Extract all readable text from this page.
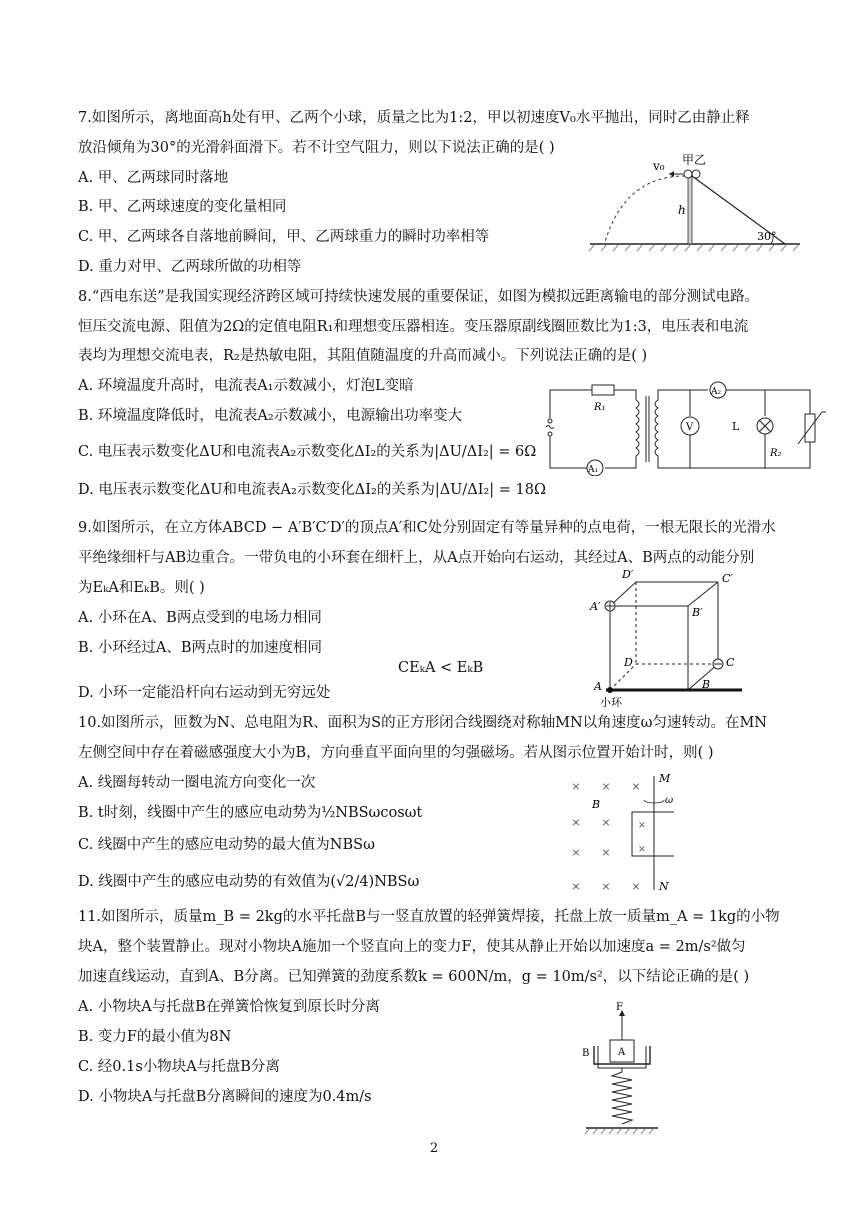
7.如图所示，离地面高h处有甲、乙两个小球，质量之比为1:2，甲以初速度V₀水平抛出，同时乙由静止释
放沿倾角为30°的光滑斜面滑下。若不计空气阻力，则以下说法正确的是( )
A. 甲、乙两球同时落地
B. 甲、乙两球速度的变化量相同
C. 甲、乙两球各自落地前瞬间，甲、乙两球重力的瞬时功率相等
D. 重力对甲、乙两球所做的功相等
v₀ 甲乙
h
30°
8.“西电东送”是我国实现经济跨区域可持续快速发展的重要保证，如图为模拟远距离输电的部分测试电路。
恒压交流电源、阻值为2Ω的定值电阻R₁和理想变压器相连。变压器原副线圈匝数比为1:3，电压表和电流
表均为理想交流电表，R₂是热敏电阻，其阻值随温度的升高而减小。下列说法正确的是( )
A. 环境温度升高时，电流表A₁示数减小，灯泡L变暗
B. 环境温度降低时，电流表A₂示数减小，电源输出功率变大
C. 电压表示数变化ΔU和电流表A₂示数变化ΔI₂的关系为|ΔU/ΔI₂| = 6Ω
D. 电压表示数变化ΔU和电流表A₂示数变化ΔI₂的关系为|ΔU/ΔI₂| = 18Ω
R₁
A₁
A₂
V	L
R₂
9.如图所示，在立方体ABCD − A′B′C′D′的顶点A′和C处分别固定有等量异种的点电荷，一根无限长的光滑水
平绝缘细杆与AB边重合。一带负电的小环套在细杆上，从A点开始向右运动，其经过A、B两点的动能分别
为EₖA和EₖB。则( )
A. 小环在A、B两点受到的电场力相同
B. 小环经过A、B两点时的加速度相同
CEₖA < EₖB
D. 小环一定能沿杆向右运动到无穷远处
D′	C′
A′	B′
D	C
A	B
小环
10.如图所示，匝数为N、总电阻为R、面积为S的正方形闭合线圈绕对称轴MN以角速度ω匀速转动。在MN
左侧空间中存在着磁感强度大小为B，方向垂直平面向里的匀强磁场。若从图示位置开始计时，则( )
A. 线圈每转动一圈电流方向变化一次
B. t时刻，线圈中产生的感应电动势为½NBSωcosωt
C. 线圈中产生的感应电动势的最大值为NBSω
D. 线圈中产生的感应电动势的有效值为(√2/4)NBSω
× × ×
× ×
× ×
× × ×
×
×
M
ω
B
N
11.如图所示，质量m_B = 2kg的水平托盘B与一竖直放置的轻弹簧焊接，托盘上放一质量m_A = 1kg的小物
块A，整个装置静止。现对小物块A施加一个竖直向上的变力F，使其从静止开始以加速度a = 2m/s²做匀
加速直线运动，直到A、B分离。已知弹簧的劲度系数k = 600N/m，g = 10m/s²，以下结论正确的是( )
A. 小物块A与托盘B在弹簧恰恢复到原长时分离
B. 变力F的最小值为8N
C. 经0.1s小物块A与托盘B分离
D. 小物块A与托盘B分离瞬间的速度为0.4m/s
F
A
B
2
